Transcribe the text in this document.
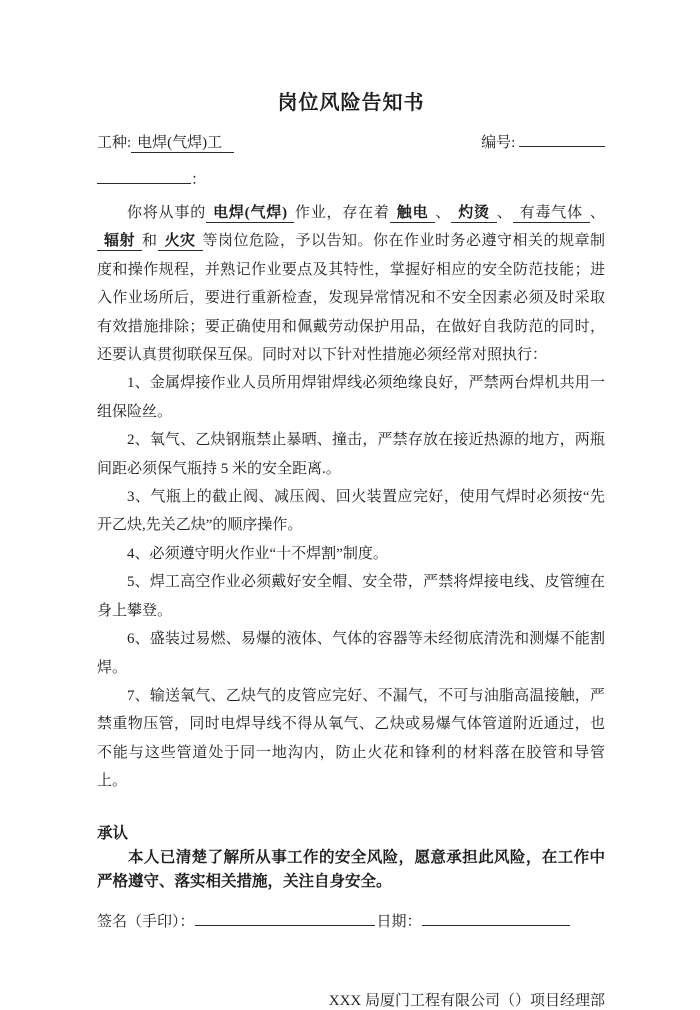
岗位风险告知书
工种: 电焊(气焊)工	编号:
：

你将从事的 电焊(气焊) 作业，存在着 触电 、 灼烫 、 有毒气体 、辐射 和 火灾 等岗位危险，予以告知。你在作业时务必遵守相关的规章制度和操作规程，并熟记作业要点及其特性，掌握好相应的安全防范技能；进入作业场所后，要进行重新检查，发现异常情况和不安全因素必须及时采取有效措施排除；要正确使用和佩戴劳动保护用品，在做好自我防范的同时，还要认真贯彻联保互保。同时对以下针对性措施必须经常对照执行：

1、金属焊接作业人员所用焊钳焊线必须绝缘良好，严禁两台焊机共用一组保险丝。

2、氧气、乙炔钢瓶禁止暴晒、撞击，严禁存放在接近热源的地方，两瓶间距必须保气瓶持 5 米的安全距离.。

3、气瓶上的截止阀、减压阀、回火装置应完好，使用气焊时必须按“先开乙炔,先关乙炔”的顺序操作。

4、必须遵守明火作业“十不焊割”制度。

5、焊工高空作业必须戴好安全帽、安全带，严禁将焊接电线、皮管缠在身上攀登。

6、盛装过易燃、易爆的液体、气体的容器等未经彻底清洗和测爆不能割焊。

7、输送氧气、乙炔气的皮管应完好、不漏气，不可与油脂高温接触，严禁重物压管，同时电焊导线不得从氧气、乙炔或易爆气体管道附近通过，也不能与这些管道处于同一地沟内，防止火花和锋利的材料落在胶管和导管上。

承认

本人已清楚了解所从事工作的安全风险，愿意承担此风险，在工作中严格遵守、落实相关措施，关注自身安全。

签名（手印）：	日期：
XXX 局厦门工程有限公司（）项目经理部
